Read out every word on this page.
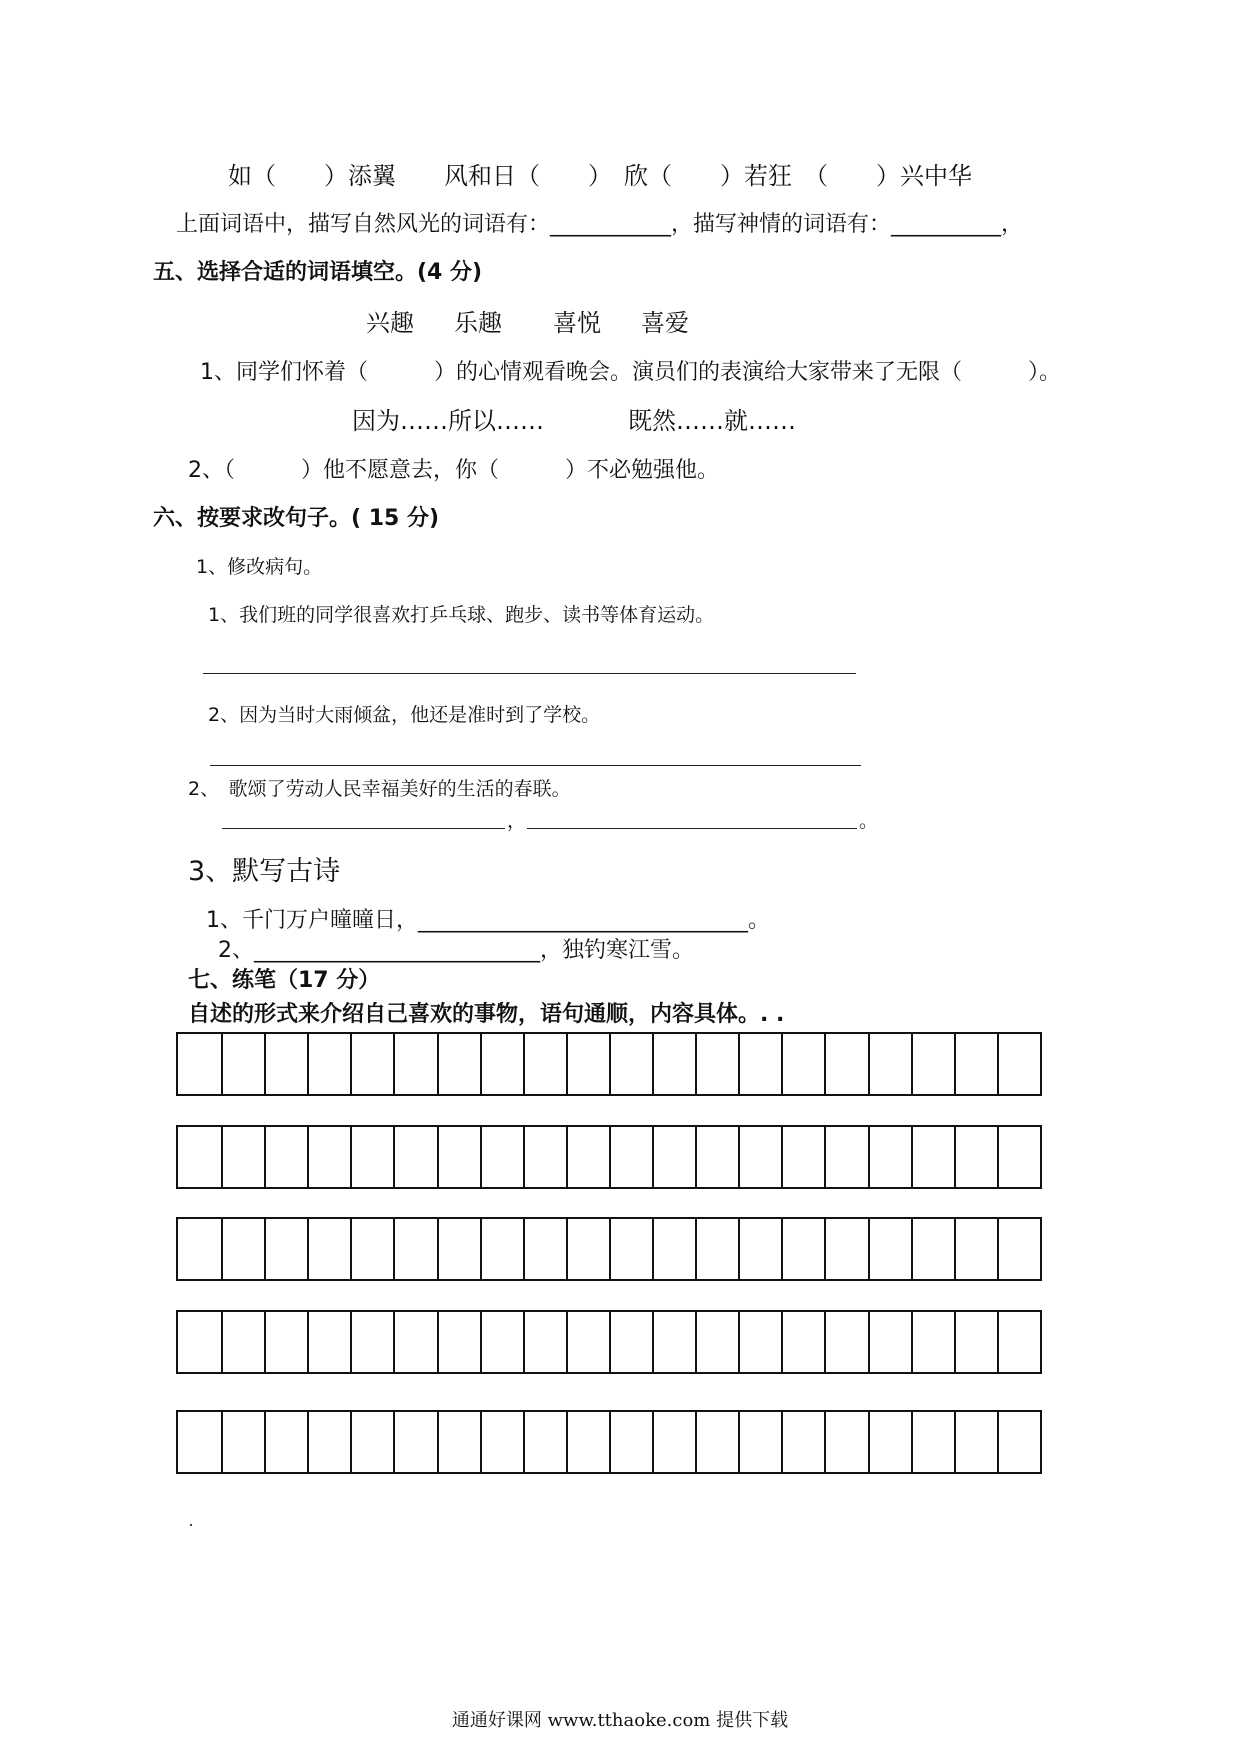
如（　　）添翼　　风和日（　　）　欣（　　）若狂　（　　）兴中华
上面词语中，描写自然风光的词语有：___________，描写神情的词语有：__________，
五、选择合适的词语填空。(4 分)
兴趣 乐趣 喜悦 喜爱
1、同学们怀着（　　　）的心情观看晚会。演员们的表演给大家带来了无限（　　　）。
因为……所以……	既然……就……
2、（　　　）他不愿意去，你（　　　）不必勉强他。
六、按要求改句子。( 15 分)
1、修改病句。
1、我们班的同学很喜欢打乒乓球、跑步、读书等体育运动。
2、因为当时大雨倾盆，他还是准时到了学校。
2、　歌颂了劳动人民幸福美好的生活的春联。
，	。
3、默写古诗
1、千门万户曈曈日，______________________________。
2、__________________________，独钓寒江雪。
七、练笔（17 分）
自述的形式来介绍自己喜欢的事物，语句通顺，内容具体。. .
通通好课网 www.tthaoke.com 提供下载
